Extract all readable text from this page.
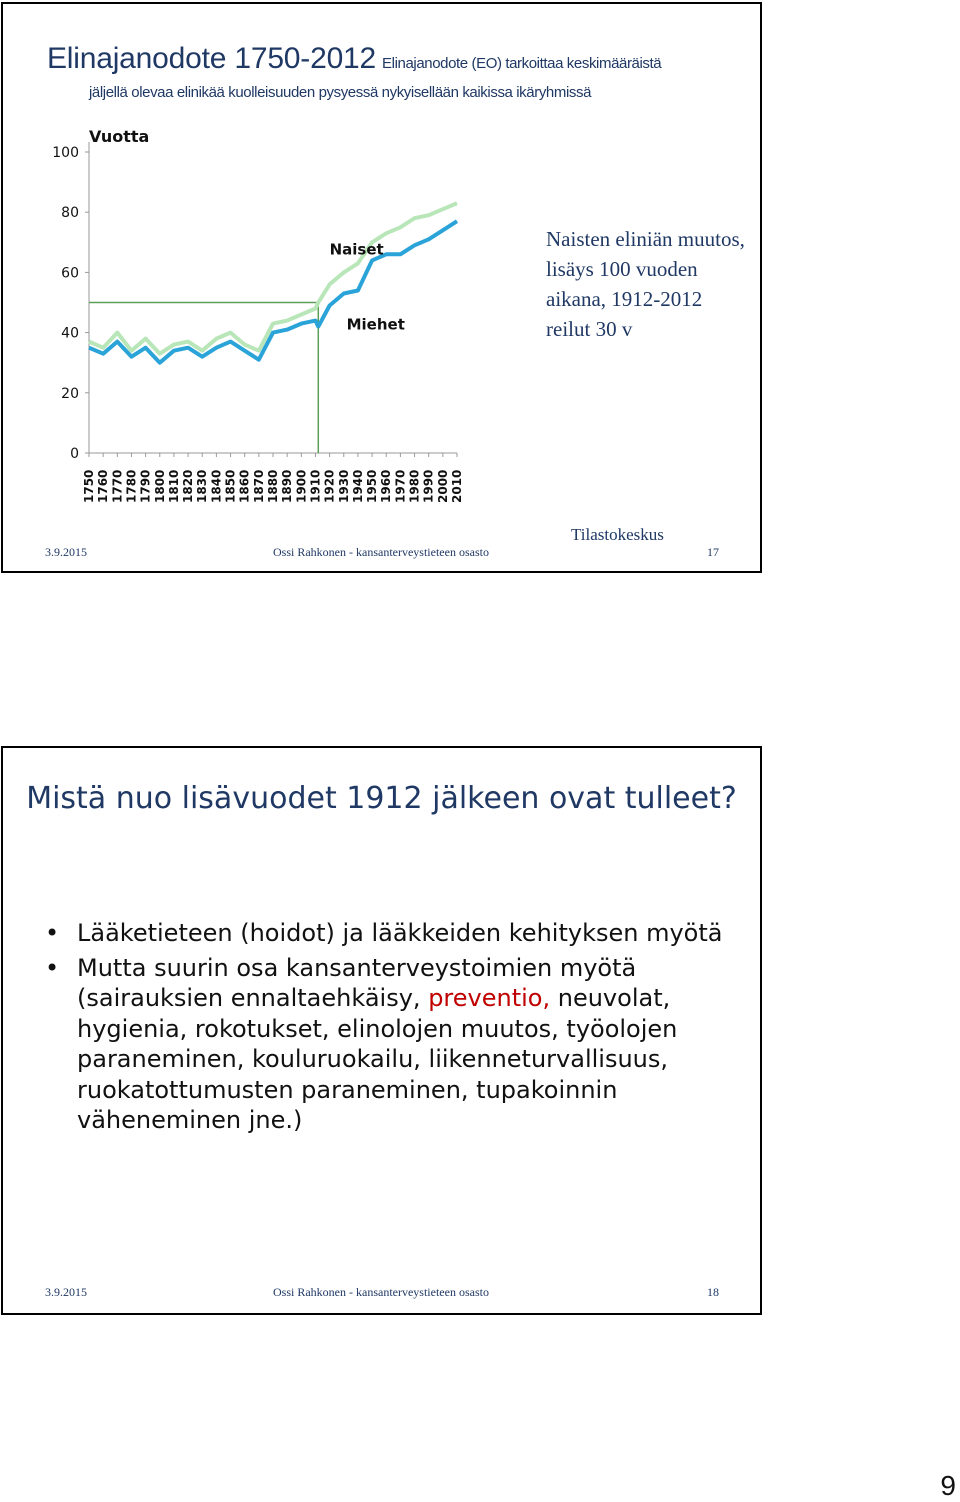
Elinajanodote 1750-2012 Elinajanodote (EO) tarkoittaa keskimääräistä
jäljellä olevaa elinikää kuolleisuuden pysyessä nykyisellään kaikissa ikäryhmissä
0
20
40
60
80
100
Vuotta
1750 1760 1770 1780 1790 1800 1810 1820 1830 1840 1850 1860 1870 1880 1890 1900 1910 1920 1930 1940 1950 1960 1970 1980 1990 2000 2010
Naiset
Miehet
Naisten eliniän muutos, lisäys 100 vuoden aikana, 1912-2012 reilut 30 v
Tilastokeskus
3.9.2015	Ossi Rahkonen - kansanterveystieteen osasto	17
Mistä nuo lisävuodet 1912 jälkeen ovat tulleet?
• Lääketieteen (hoidot) ja lääkkeiden kehityksen myötä
• Mutta suurin osa kansanterveystoimien myötä (sairauksien ennaltaehkäisy, preventio, neuvolat, hygienia, rokotukset, elinolojen muutos, työolojen paraneminen, kouluruokailu, liikenneturvallisuus, ruokatottumusten paraneminen, tupakoinnin väheneminen jne.)
3.9.2015	Ossi Rahkonen - kansanterveystieteen osasto	18
9
